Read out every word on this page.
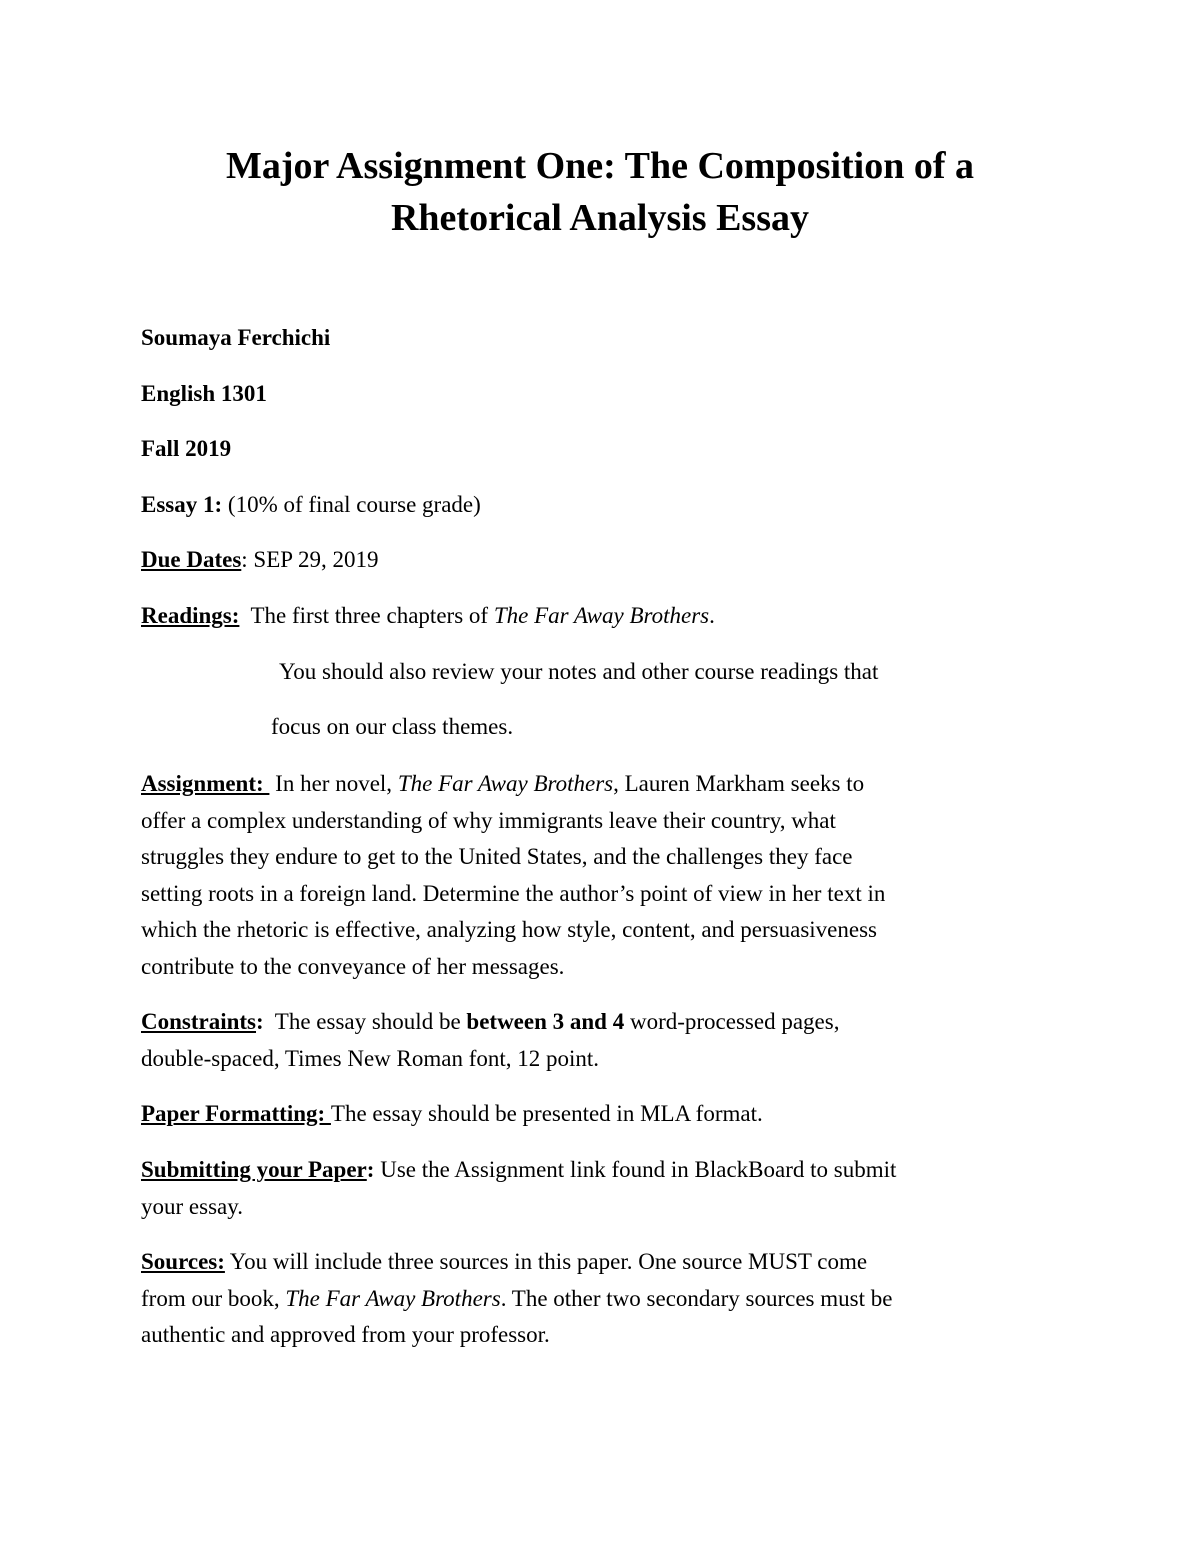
Major Assignment One: The Composition of a
Rhetorical Analysis Essay
Soumaya Ferchichi
English 1301
Fall 2019
Essay 1: (10% of final course grade)
Due Dates: SEP 29, 2019
Readings:  The first three chapters of The Far Away Brothers.
You should also review your notes and other course readings that
focus on our class themes.
Assignment:  In her novel, The Far Away Brothers, Lauren Markham seeks to
offer a complex understanding of why immigrants leave their country, what
struggles they endure to get to the United States, and the challenges they face
setting roots in a foreign land. Determine the author’s point of view in her text in
which the rhetoric is effective, analyzing how style, content, and persuasiveness
contribute to the conveyance of her messages.
Constraints:  The essay should be between 3 and 4 word-processed pages,
double-spaced, Times New Roman font, 12 point.
Paper Formatting: The essay should be presented in MLA format.
Submitting your Paper: Use the Assignment link found in BlackBoard to submit
your essay.
Sources: You will include three sources in this paper. One source MUST come
from our book, The Far Away Brothers. The other two secondary sources must be
authentic and approved from your professor.
